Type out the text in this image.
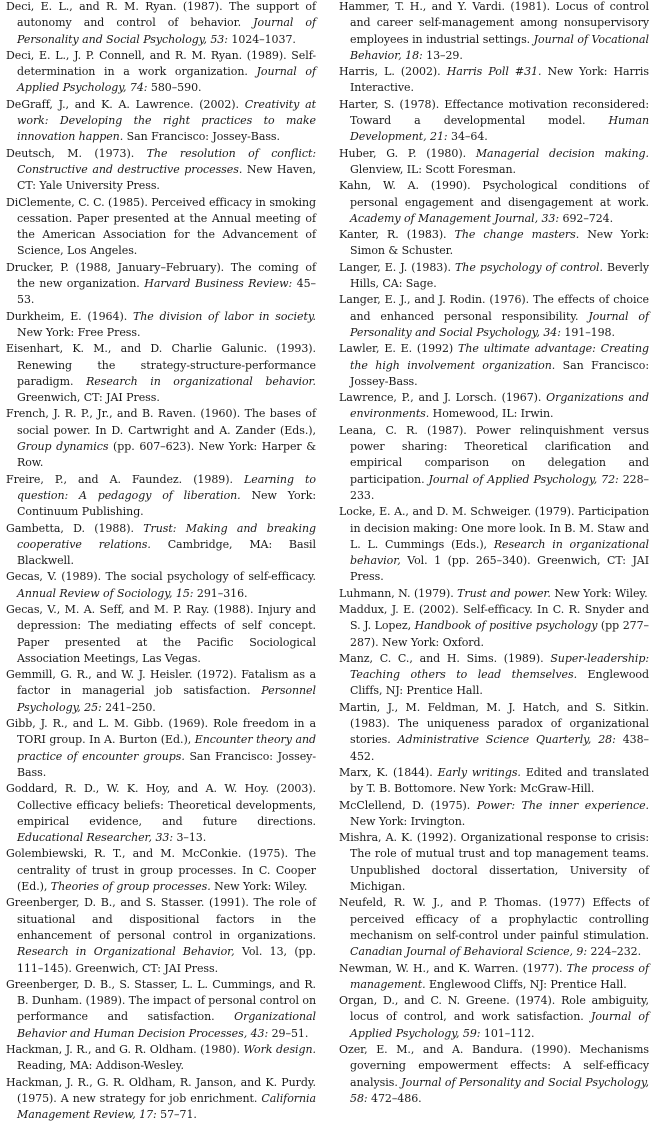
Deci, E. L., and R. M. Ryan. (1987). The support of autonomy and control of behavior. Journal of Personality and Social Psychology, 53: 1024–1037.

Deci, E. L., J. P. Connell, and R. M. Ryan. (1989). Self-determination in a work organization. Journal of Applied Psychology, 74: 580–590.

DeGraff, J., and K. A. Lawrence. (2002). Creativity at work: Developing the right practices to make innovation happen. San Francisco: Jossey-Bass.

Deutsch, M. (1973). The resolution of conflict: Constructive and destructive processes. New Haven, CT: Yale University Press.

DiClemente, C. C. (1985). Perceived efficacy in smoking cessation. Paper presented at the Annual meeting of the American Association for the Advancement of Science, Los Angeles.

Drucker, P. (1988, January–February). The coming of the new organization. Harvard Business Review: 45–53.

Durkheim, E. (1964). The division of labor in society. New York: Free Press.

Eisenhart, K. M., and D. Charlie Galunic. (1993). Renewing the strategy-structure-performance paradigm. Research in organizational behavior. Greenwich, CT: JAI Press.

French, J. R. P., Jr., and B. Raven. (1960). The bases of social power. In D. Cartwright and A. Zander (Eds.), Group dynamics (pp. 607–623). New York: Harper & Row.

Freire, P., and A. Faundez. (1989). Learning to question: A pedagogy of liberation. New York: Continuum Publishing.

Gambetta, D. (1988). Trust: Making and breaking cooperative relations. Cambridge, MA: Basil Blackwell.

Gecas, V. (1989). The social psychology of self-efficacy. Annual Review of Sociology, 15: 291–316.

Gecas, V., M. A. Seff, and M. P. Ray. (1988). Injury and depression: The mediating effects of self concept. Paper presented at the Pacific Sociological Association Meetings, Las Vegas.

Gemmill, G. R., and W. J. Heisler. (1972). Fatalism as a factor in managerial job satisfaction. Personnel Psychology, 25: 241–250.

Gibb, J. R., and L. M. Gibb. (1969). Role freedom in a TORI group. In A. Burton (Ed.), Encounter theory and practice of encounter groups. San Francisco: Jossey-Bass.

Goddard, R. D., W. K. Hoy, and A. W. Hoy. (2003). Collective efficacy beliefs: Theoretical developments, empirical evidence, and future directions. Educational Researcher, 33: 3–13.

Golembiewski, R. T., and M. McConkie. (1975). The centrality of trust in group processes. In C. Cooper (Ed.), Theories of group processes. New York: Wiley.

Greenberger, D. B., and S. Stasser. (1991). The role of situational and dispositional factors in the enhancement of personal control in organizations. Research in Organizational Behavior, Vol. 13, (pp. 111–145). Greenwich, CT: JAI Press.

Greenberger, D. B., S. Stasser, L. L. Cummings, and R. B. Dunham. (1989). The impact of personal control on performance and satisfaction. Organizational Behavior and Human Decision Processes, 43: 29–51.

Hackman, J. R., and G. R. Oldham. (1980). Work design. Reading, MA: Addison-Wesley.

Hackman, J. R., G. R. Oldham, R. Janson, and K. Purdy. (1975). A new strategy for job enrichment. California Management Review, 17: 57–71.

Hammer, T. H., and Y. Vardi. (1981). Locus of control and career self-management among nonsupervisory employees in industrial settings. Journal of Vocational Behavior, 18: 13–29.

Harris, L. (2002). Harris Poll #31. New York: Harris Interactive.

Harter, S. (1978). Effectance motivation reconsidered: Toward a developmental model. Human Development, 21: 34–64.

Huber, G. P. (1980). Managerial decision making. Glenview, IL: Scott Foresman.

Kahn, W. A. (1990). Psychological conditions of personal engagement and disengagement at work. Academy of Management Journal, 33: 692–724.

Kanter, R. (1983). The change masters. New York: Simon & Schuster.

Langer, E. J. (1983). The psychology of control. Beverly Hills, CA: Sage.

Langer, E. J., and J. Rodin. (1976). The effects of choice and enhanced personal responsibility. Journal of Personality and Social Psychology, 34: 191–198.

Lawler, E. E. (1992) The ultimate advantage: Creating the high involvement organization. San Francisco: Jossey-Bass.

Lawrence, P., and J. Lorsch. (1967). Organizations and environments. Homewood, IL: Irwin.

Leana, C. R. (1987). Power relinquishment versus power sharing: Theoretical clarification and empirical comparison on delegation and participation. Journal of Applied Psychology, 72: 228–233.

Locke, E. A., and D. M. Schweiger. (1979). Participation in decision making: One more look. In B. M. Staw and L. L. Cummings (Eds.), Research in organizational behavior, Vol. 1 (pp. 265–340). Greenwich, CT: JAI Press.

Luhmann, N. (1979). Trust and power. New York: Wiley.

Maddux, J. E. (2002). Self-efficacy. In C. R. Snyder and S. J. Lopez, Handbook of positive psychology (pp 277–287). New York: Oxford.

Manz, C. C., and H. Sims. (1989). Super-leadership: Teaching others to lead themselves. Englewood Cliffs, NJ: Prentice Hall.

Martin, J., M. Feldman, M. J. Hatch, and S. Sitkin. (1983). The uniqueness paradox of organizational stories. Administrative Science Quarterly, 28: 438–452.

Marx, K. (1844). Early writings. Edited and translated by T. B. Bottomore. New York: McGraw-Hill.

McClellend, D. (1975). Power: The inner experience. New York: Irvington.

Mishra, A. K. (1992). Organizational response to crisis: The role of mutual trust and top management teams. Unpublished doctoral dissertation, University of Michigan.

Neufeld, R. W. J., and P. Thomas. (1977) Effects of perceived efficacy of a prophylactic controlling mechanism on self-control under painful stimulation. Canadian Journal of Behavioral Science, 9: 224–232.

Newman, W. H., and K. Warren. (1977). The process of management. Englewood Cliffs, NJ: Prentice Hall.

Organ, D., and C. N. Greene. (1974). Role ambiguity, locus of control, and work satisfaction. Journal of Applied Psychology, 59: 101–112.

Ozer, E. M., and A. Bandura. (1990). Mechanisms governing empowerment effects: A self-efficacy analysis. Journal of Personality and Social Psychology, 58: 472–486.
